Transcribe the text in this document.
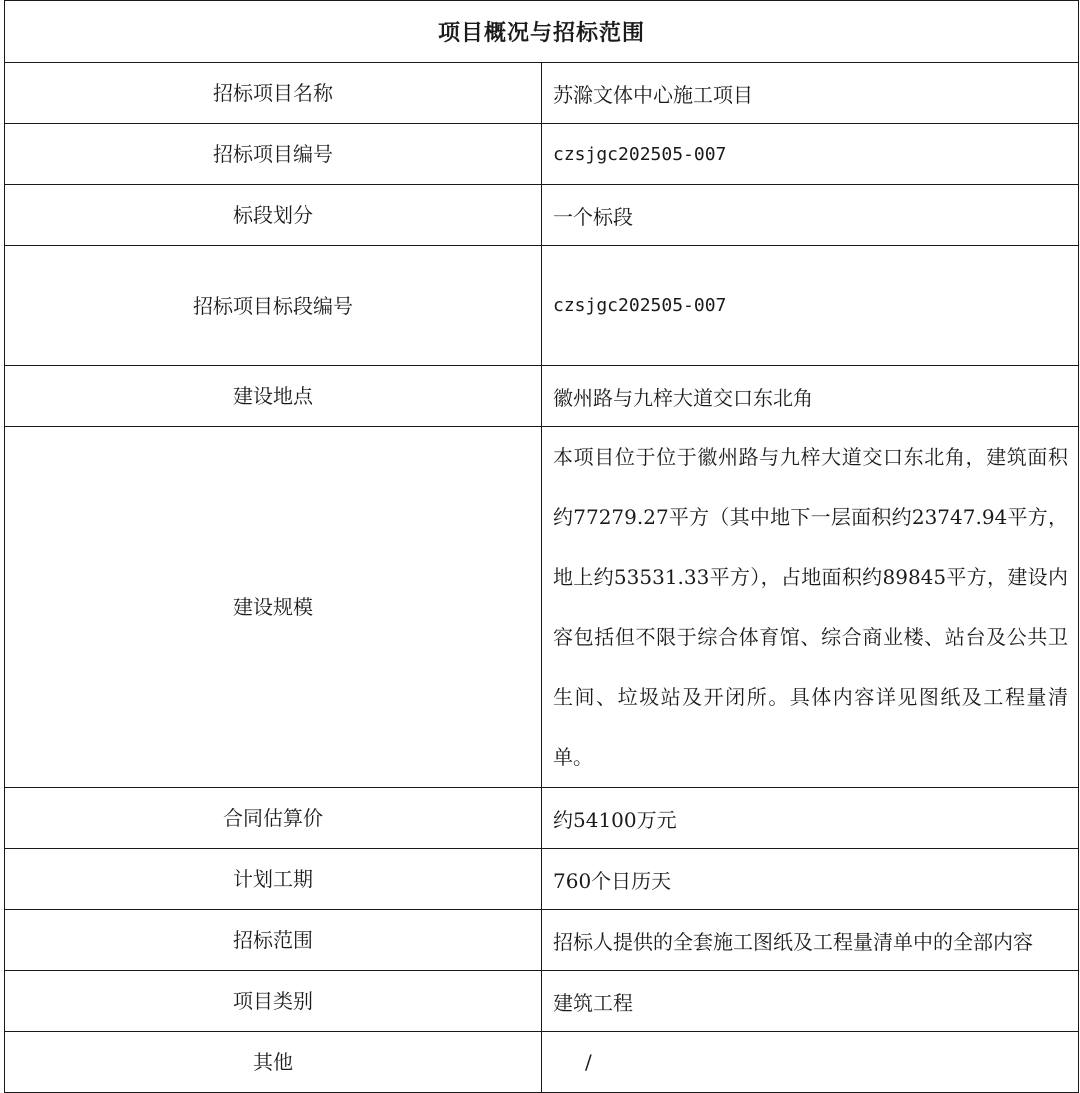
项目概况与招标范围	
招标项目名称	苏滁文体中心施工项目
招标项目编号	czsjgc202505-007
标段划分	一个标段
招标项目标段编号	czsjgc202505-007
建设地点	徽州路与九梓大道交口东北角
建设规模	本项目位于位于徽州路与九梓大道交口东北角，建筑面积约77279.27平方（其中地下一层面积约23747.94平方，地上约53531.33平方），占地面积约89845平方，建设内容包括但不限于综合体育馆、综合商业楼、站台及公共卫生间、垃圾站及开闭所。具体内容详见图纸及工程量清单。
合同估算价	约54100万元
计划工期	760个日历天
招标范围	招标人提供的全套施工图纸及工程量清单中的全部内容
项目类别	建筑工程
其他	/
